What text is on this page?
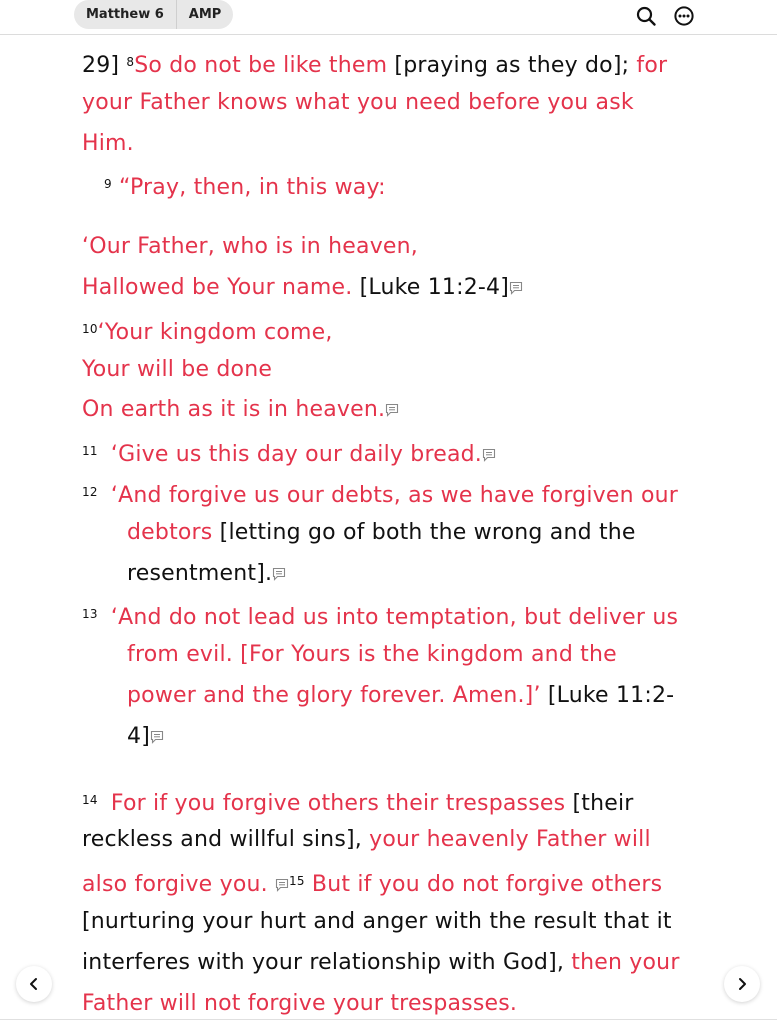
Matthew 6	AMP
29] $^8$So do not be like them [praying as they do]; for
your Father knows what you need before you ask
Him.
$^9$ “Pray, then, in this way:
‘Our Father, who is in heaven,
Hallowed be Your name. [Luke 11:2-4]
$^{10}$‘Your kingdom come,
Your will be done
On earth as it is in heaven.
$^{11}$ ‘Give us this day our daily bread.
$^{12}$ ‘And forgive us our debts, as we have forgiven our
debtors [letting go of both the wrong and the
resentment].
$^{13}$ ‘And do not lead us into temptation, but deliver us
from evil. [For Yours is the kingdom and the
power and the glory forever. Amen.]’ [Luke 11:2-
4]
$^{14}$ For if you forgive others their trespasses [their
reckless and willful sins], your heavenly Father will
also forgive you. $^{15}$ But if you do not forgive others
[nurturing your hurt and anger with the result that it
interferes with your relationship with God], then your
Father will not forgive your trespasses.
